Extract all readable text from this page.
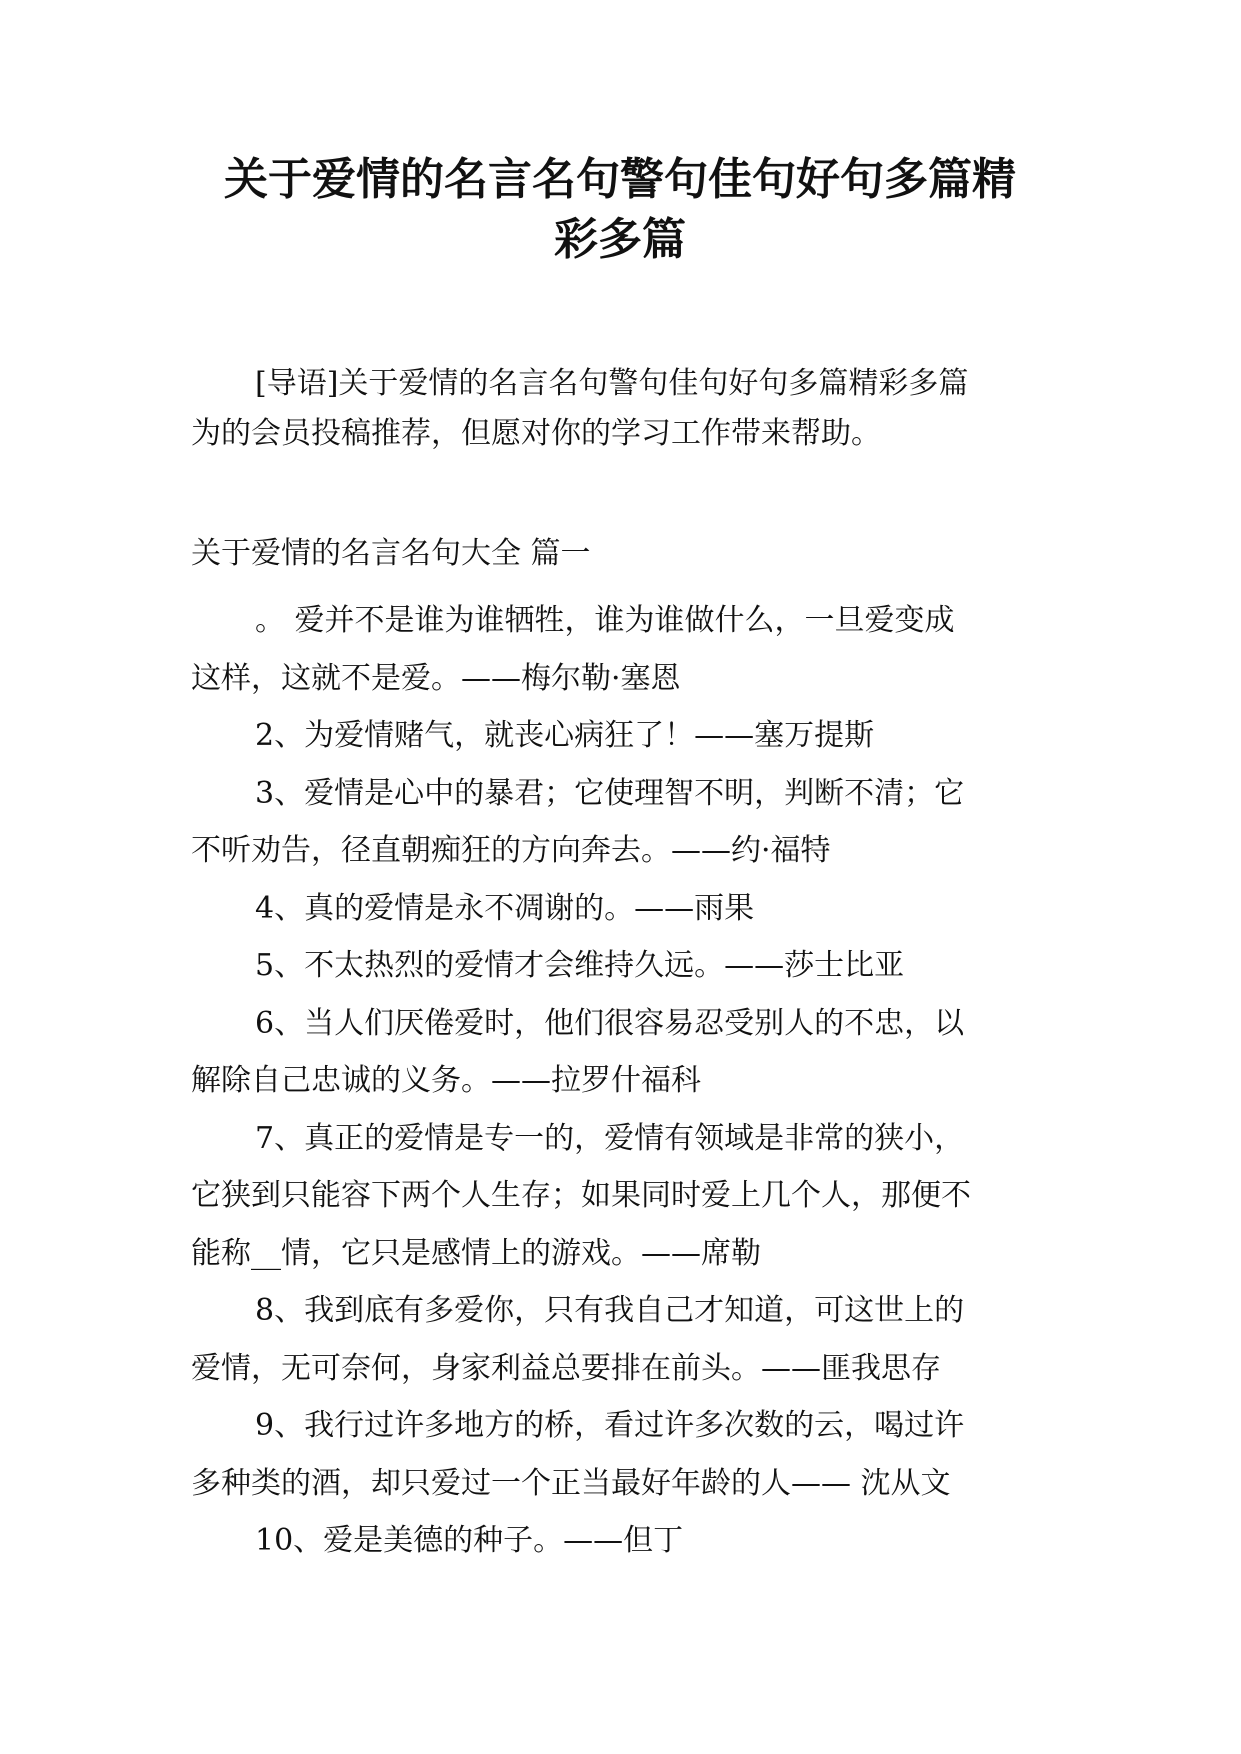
关于爱情的名言名句警句佳句好句多篇精
彩多篇

[导语]关于爱情的名言名句警句佳句好句多篇精彩多篇
为的会员投稿推荐，但愿对你的学习工作带来帮助。

关于爱情的名言名句大全 篇一

。 爱并不是谁为谁牺牲，谁为谁做什么，一旦爱变成
这样，这就不是爱。——梅尔勒·塞恩
2、为爱情赌气，就丧心病狂了！——塞万提斯
3、爱情是心中的暴君；它使理智不明，判断不清；它
不听劝告，径直朝痴狂的方向奔去。——约·福特
4、真的爱情是永不凋谢的。——雨果
5、不太热烈的爱情才会维持久远。——莎士比亚
6、当人们厌倦爱时，他们很容易忍受别人的不忠，以
解除自己忠诚的义务。——拉罗什福科
7、真正的爱情是专一的，爱情有领域是非常的狭小，
它狭到只能容下两个人生存；如果同时爱上几个人，那便不
能称__情，它只是感情上的游戏。——席勒
8、我到底有多爱你，只有我自己才知道，可这世上的
爱情，无可奈何，身家利益总要排在前头。——匪我思存
9、我行过许多地方的桥，看过许多次数的云，喝过许
多种类的酒，却只爱过一个正当最好年龄的人—— 沈从文
10、爱是美德的种子。——但丁
